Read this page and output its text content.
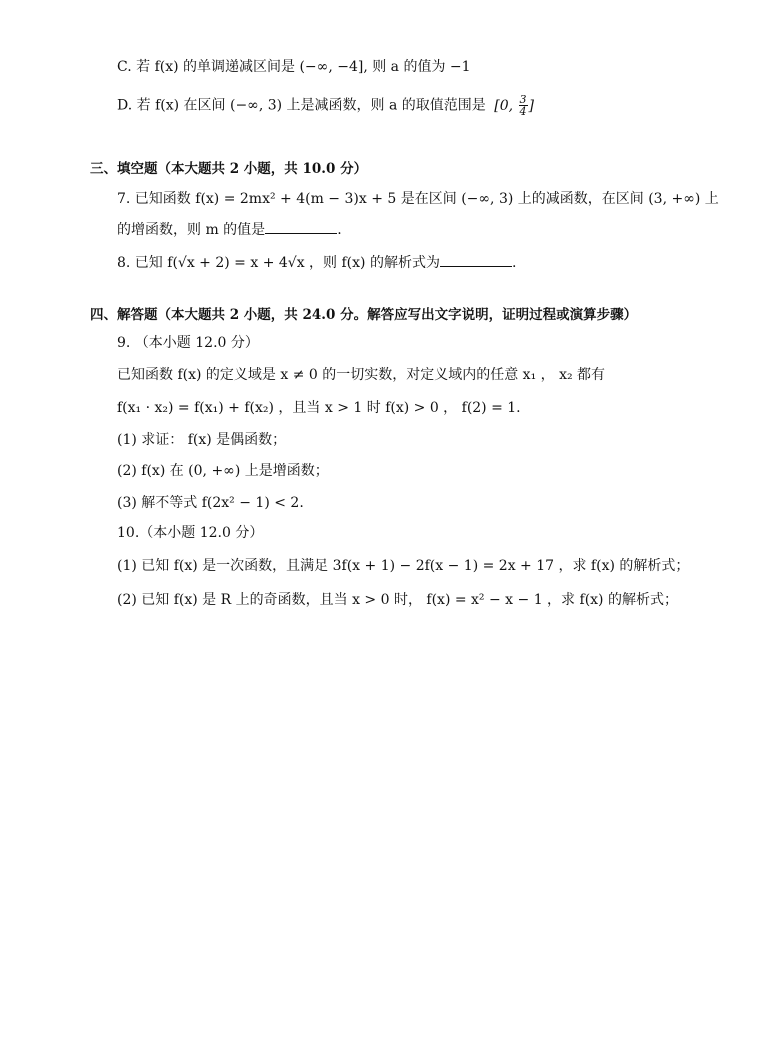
C. 若 f(x) 的单调递减区间是 (−∞, −4], 则 a 的值为 −1
D. 若 f(x) 在区间 (−∞, 3) 上是减函数，则 a 的取值范围是 [0, $\frac{3}{4}$ ]
三、填空题（本大题共 2 小题，共 10.0 分）
7. 已知函数 f(x) = 2mx² + 4(m − 3)x + 5 是在区间 (−∞, 3) 上的减函数，在区间 (3, +∞) 上
的增函数，则 m 的值是	.
8. 已知 f(√x + 2) = x + 4√x ，则 f(x) 的解析式为	.
四、解答题（本大题共 2 小题，共 24.0 分。解答应写出文字说明，证明过程或演算步骤）
9. （本小题 12.0 分）
已知函数 f(x) 的定义域是 x ≠ 0 的一切实数，对定义域内的任意 x₁ ， x₂ 都有
f(x₁ · x₂) = f(x₁) + f(x₂) ，且当 x > 1 时 f(x) > 0 ， f(2) = 1.
(1) 求证： f(x) 是偶函数；
(2) f(x) 在 (0, +∞) 上是增函数；
(3) 解不等式 f(2x² − 1) < 2.
10.（本小题 12.0 分）
(1) 已知 f(x) 是一次函数，且满足 3f(x + 1) − 2f(x − 1) = 2x + 17 ，求 f(x) 的解析式；
(2) 已知 f(x) 是 R 上的奇函数，且当 x > 0 时， f(x) = x² − x − 1 ，求 f(x) 的解析式；
